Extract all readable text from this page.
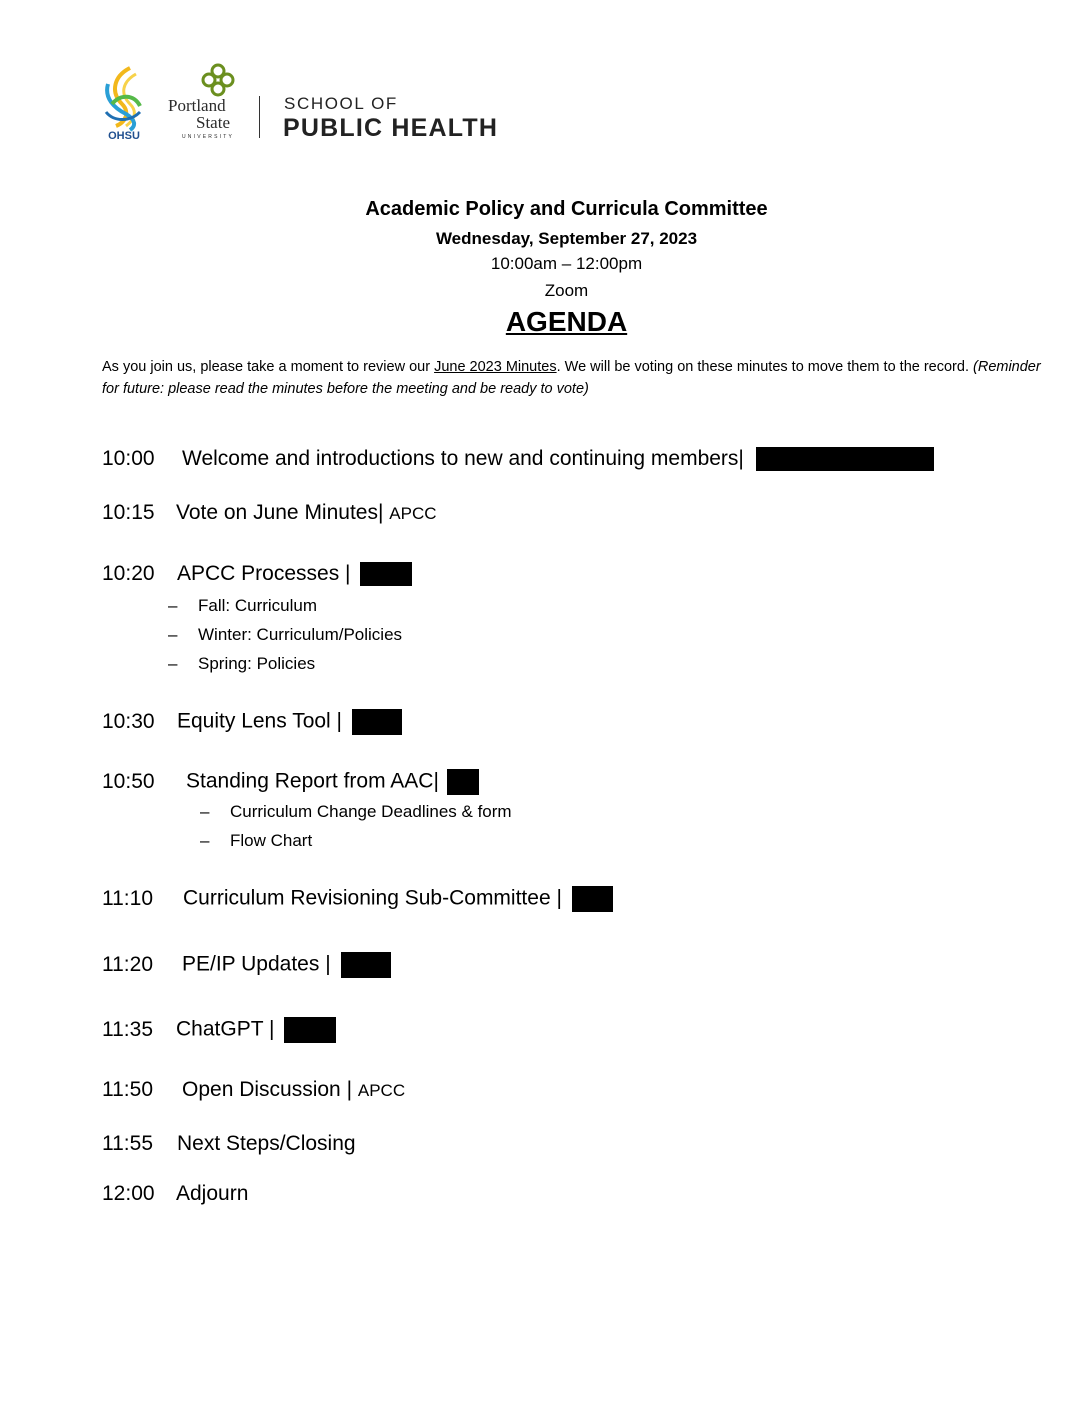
OHSU
Portland
State
UNIVERSITY
SCHOOL OF
PUBLIC HEALTH
Academic Policy and Curricula Committee
Wednesday, September 27, 2023
10:00am – 12:00pm
Zoom
AGENDA
As you join us, please take a moment to review our June 2023 Minutes. We will be voting on these minutes to move them to the record. (Reminder for future: please read the minutes before the meeting and be ready to vote)
10:00 Welcome and introductions to new and continuing members|
10:15 Vote on June Minutes| APCC
10:20 APCC Processes |
– Fall: Curriculum
– Winter: Curriculum/Policies
– Spring: Policies
10:30 Equity Lens Tool |
10:50 Standing Report from AAC|
– Curriculum Change Deadlines & form
– Flow Chart
11:10 Curriculum Revisioning Sub-Committee |
11:20 PE/IP Updates |
11:35 ChatGPT |
11:50 Open Discussion | APCC
11:55 Next Steps/Closing
12:00 Adjourn
